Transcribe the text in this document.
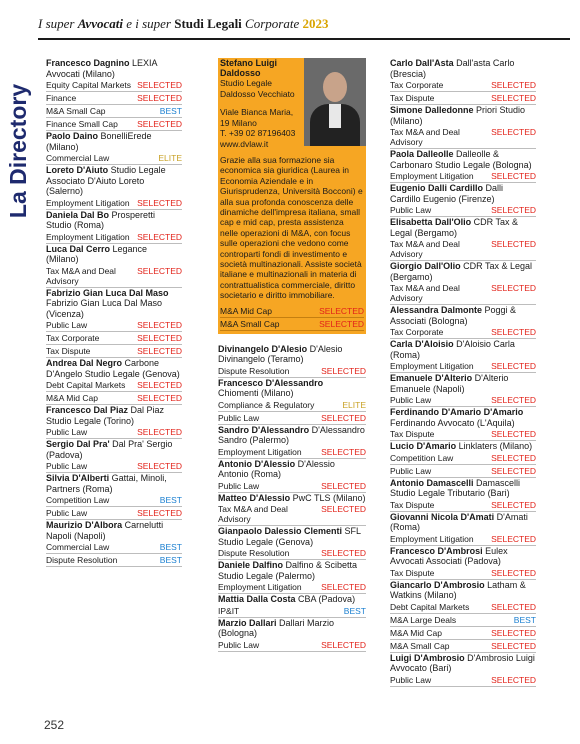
I super Avvocati e i super Studi Legali Corporate 2023
La Directory
Francesco Dagnino LEXIA Avvocati (Milano)
Equity Capital Markets SELECTED
Finance	SELECTED
M&A Small Cap	BEST
Finance Small Cap	SELECTED
Paolo Daino BonelliErede (Milano)
Commercial Law	ELITE
Loreto D'Aiuto Studio Legale Associato D'Aiuto Loreto (Salerno)
Employment Litigation SELECTED
Daniela Dal Bo Prosperetti Studio (Roma)
Employment Litigation SELECTED
Luca Dal Cerro Legance (Milano)
Tax M&A and Deal Advisory
SELECTED
Fabrizio Gian Luca Dal Maso Fabrizio Gian Luca Dal Maso (Vicenza)
Public Law	SELECTED
Tax Corporate	SELECTED
Tax Dispute	SELECTED
Andrea Dal Negro Carbone D'Angelo Studio Legale (Genova)
Debt Capital Markets	SELECTED
M&A Mid Cap	SELECTED
Francesco Dal Piaz Dal Piaz Studio Legale (Torino)
Public Law	SELECTED
Sergio Dal Pra' Dal Pra' Sergio (Padova)
Public Law	SELECTED
Silvia D'Alberti Gattai, Minoli, Partners (Roma)
Competition Law	BEST
Public Law	SELECTED
Maurizio D'Albora Carnelutti Napoli (Napoli)
Commercial Law	BEST
Dispute Resolution	BEST
Stefano Luigi Daldosso
Studio Legale Daldosso Vecchiato
Viale Bianca Maria, 19 Milano
T. +39 02 87196403
www.dvlaw.it
Grazie alla sua formazione sia economica sia giuridica (Laurea in Economia Aziendale e in Giurisprudenza, Università Bocconi) e alla sua profonda conoscenza delle dinamiche dell'impresa italiana, small cap e mid cap, presta assistenza nelle operazioni di M&A, con focus sulle operazioni che vedono come controparti fondi di investimento e società multinazionali. Assiste società italiane e multinazionali in materia di contrattualistica commerciale, diritto societario e diritto immobiliare.
M&A Mid Cap	SELECTED
M&A Small Cap	SELECTED
Divinangelo D'Alesio D'Alesio Divinangelo (Teramo)
Dispute Resolution	SELECTED
Francesco D'Alessandro Chiomenti (Milano)
Compliance & Regulatory	ELITE
Public Law	SELECTED
Sandro D'Alessandro D'Alessandro Sandro (Palermo)
Employment Litigation	SELECTED
Antonio D'Alessio D'Alessio Antonio (Roma)
Public Law	SELECTED
Matteo D'Alessio PwC TLS (Milano)
Tax M&A and Deal Advisory
SELECTED
Gianpaolo Dalessio Clementi SFL Studio Legale (Genova)
Dispute Resolution	SELECTED
Daniele Dalfino Dalfino & Scibetta Studio Legale (Palermo)
Employment Litigation	SELECTED
Mattia Dalla Costa CBA (Padova)
IP&IT	BEST
Marzio Dallari Dallari Marzio (Bologna)
Public Law	SELECTED
Carlo Dall'Asta Dall'asta Carlo (Brescia)
Tax Corporate	SELECTED
Tax Dispute	SELECTED
Simone Dalledonne Priori Studio (Milano)
Tax M&A and Deal Advisory
SELECTED
Paola Dalleolle Dalleolle & Carbonaro Studio Legale (Bologna)
Employment Litigation	SELECTED
Eugenio Dalli Cardillo Dalli Cardillo Eugenio (Firenze)
Public Law	SELECTED
Elisabetta Dall'Olio CDR Tax & Legal (Bergamo)
Tax M&A and Deal Advisory
SELECTED
Giorgio Dall'Olio CDR Tax & Legal (Bergamo)
Tax M&A and Deal Advisory
SELECTED
Alessandra Dalmonte Poggi & Associati (Bologna)
Tax Corporate	SELECTED
Carla D'Aloisio D'Aloisio Carla (Roma)
Employment Litigation	SELECTED
Emanuele D'Alterio D'Alterio Emanuele (Napoli)
Public Law	SELECTED
Ferdinando D'Amario D'Amario Ferdinando Avvocato (L'Aquila)
Tax Dispute	SELECTED
Lucio D'Amario Linklaters (Milano)
Competition Law	SELECTED
Public Law	SELECTED
Antonio Damascelli Damascelli Studio Legale Tributario (Bari)
Tax Dispute	SELECTED
Giovanni Nicola D'Amati D'Amati (Roma)
Employment Litigation	SELECTED
Francesco D'Ambrosi Eulex Avvocati Associati (Padova)
Tax Dispute	SELECTED
Giancarlo D'Ambrosio Latham & Watkins (Milano)
Debt Capital Markets	SELECTED
M&A Large Deals	BEST
M&A Mid Cap	SELECTED
M&A Small Cap	SELECTED
Luigi D'Ambrosio D'Ambrosio Luigi Avvocato (Bari)
Public Law	SELECTED
252
